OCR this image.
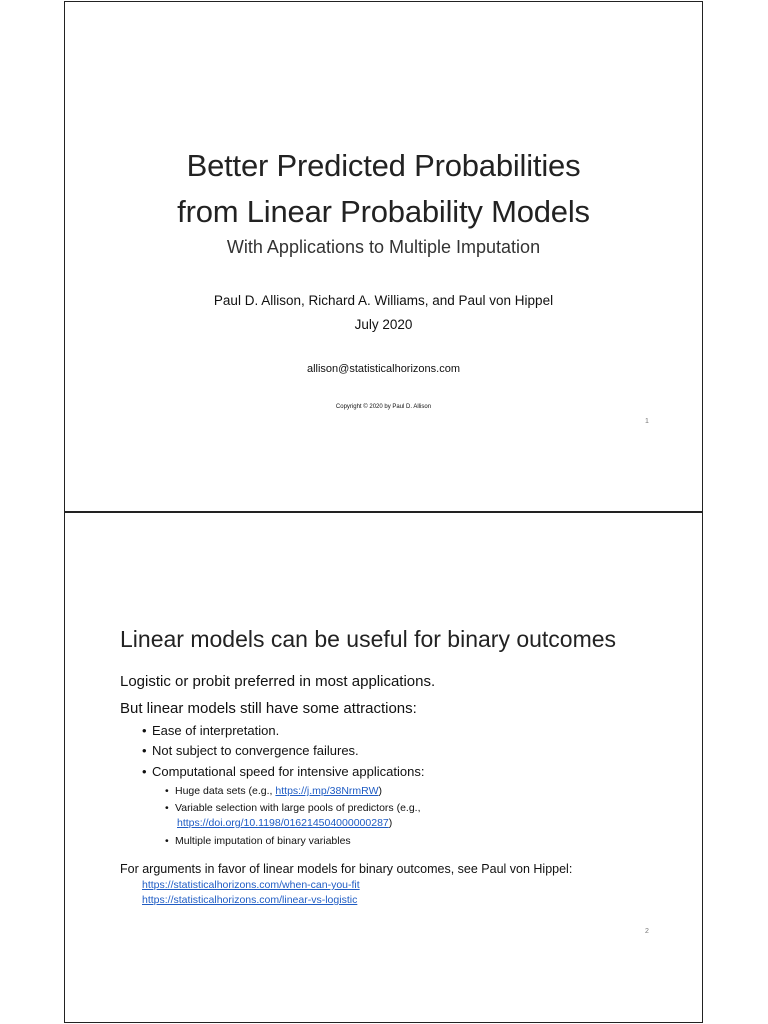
Better Predicted Probabilities
from Linear Probability Models
With Applications to Multiple Imputation
Paul D. Allison, Richard A. Williams, and Paul von Hippel
July 2020
allison@statisticalhorizons.com
Copyright © 2020 by Paul D. Allison
1
Linear models can be useful for binary outcomes
Logistic or probit preferred in most applications.
But linear models still have some attractions:
• Ease of interpretation.
• Not subject to convergence failures.
• Computational speed for intensive applications:
• Huge data sets (e.g., https://j.mp/38NrmRW)
• Variable selection with large pools of predictors (e.g.,
https://doi.org/10.1198/016214504000000287)
• Multiple imputation of binary variables
For arguments in favor of linear models for binary outcomes, see Paul von Hippel:
https://statisticalhorizons.com/when-can-you-fit
https://statisticalhorizons.com/linear-vs-logistic
2
